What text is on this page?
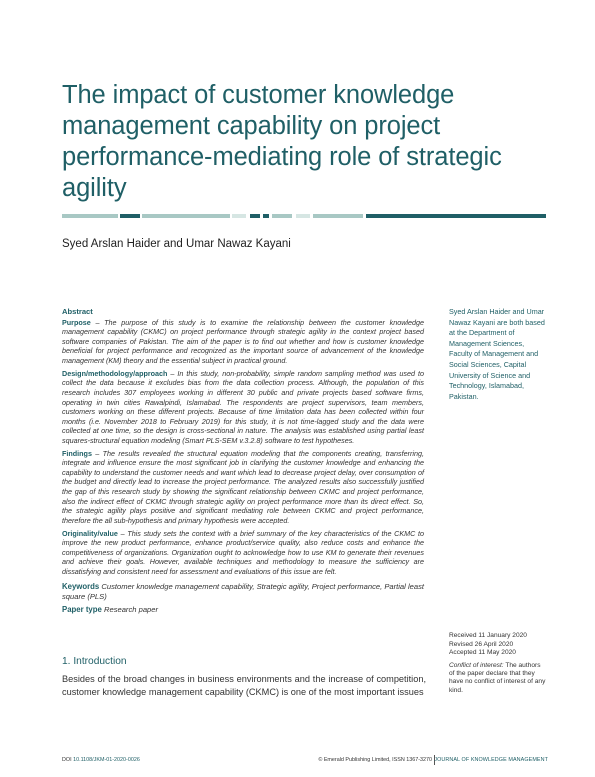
The impact of customer knowledge management capability on project performance-mediating role of strategic agility
Syed Arslan Haider and Umar Nawaz Kayani

Abstract

Purpose – The purpose of this study is to examine the relationship between the customer knowledge management capability (CKMC) on project performance through strategic agility in the context project based software companies of Pakistan. The aim of the paper is to find out whether and how is customer knowledge beneficial for project performance and recognized as the important source of advancement of the knowledge management (KM) theory and the essential subject in practical ground.

Design/methodology/approach – In this study, non-probability, simple random sampling method was used to collect the data because it excludes bias from the data collection process. Although, the population of this research includes 307 employees working in different 30 public and private projects based software firms, operating in twin cities Rawalpindi, Islamabad. The respondents are project supervisors, team members, customers working on these different projects. Because of time limitation data has been collected within four months (i.e. November 2018 to February 2019) for this study, it is not time-lagged study and the data were collected at one time, so the design is cross-sectional in nature. The analysis was established using partial least squares-structural equation modeling (Smart PLS-SEM v.3.2.8) software to test hypotheses.

Findings – The results revealed the structural equation modeling that the components creating, transferring, integrate and influence ensure the most significant job in clarifying the customer knowledge and enhancing the capability to understand the customer needs and want which lead to decrease project delay, over consumption of the budget and directly lead to increase the project performance. The analyzed results also successfully justified the gap of this research study by showing the significant relationship between CKMC and project performance, also the indirect effect of CKMC through strategic agility on project performance more than its direct effect. So, the strategic agility plays positive and significant mediating role between CKMC and project performance, therefore the all sub-hypothesis and primary hypothesis were accepted.

Originality/value – This study sets the context with a brief summary of the key characteristics of the CKMC to improve the new product performance, enhance product/service quality, also reduce costs and enhance the competitiveness of organizations. Organization ought to acknowledge how to use KM to generate their revenues and achieve their goals. However, available techniques and methodology to measure the sufficiency are dissatisfying and consistent need for assessment and evaluations of this issue are felt.

Keywords Customer knowledge management capability, Strategic agility, Project performance, Partial least square (PLS)

Paper type Research paper

Syed Arslan Haider and Umar Nawaz Kayani are both based at the Department of Management Sciences, Faculty of Management and Social Sciences, Capital University of Science and Technology, Islamabad, Pakistan.
Received 11 January 2020
Revised 26 April 2020
Accepted 11 May 2020
Conflict of interest: The authors of the paper declare that they have no conflict of interest of any kind.
1. Introduction
Besides of the broad changes in business environments and the increase of competition, customer knowledge management capability (CKMC) is one of the most important issues
DOI 10.1108/JKM-01-2020-0026	© Emerald Publishing Limited, ISSN 1367-3270 JOURNAL OF KNOWLEDGE MANAGEMENT
